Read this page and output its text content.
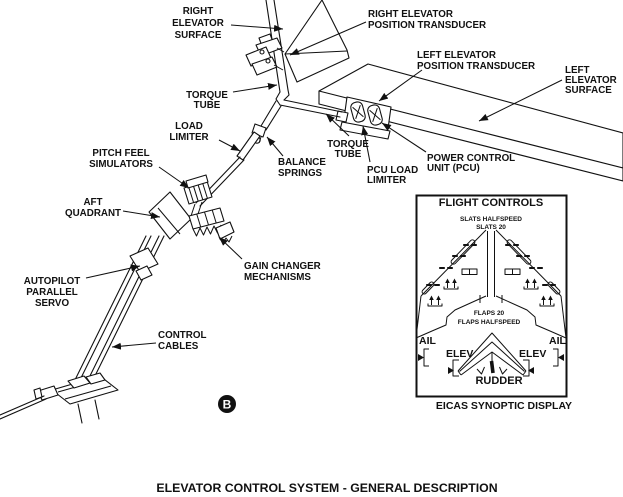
RIGHT
ELEVATOR
SURFACE
RIGHT ELEVATOR
POSITION TRANSDUCER
LEFT ELEVATOR
POSITION TRANSDUCER	LEFT
ELEVATOR
SURFACE
TORQUE
TUBE
LOAD
LIMITER
PITCH FEEL
SIMULATORS
AFT
QUADRANT
BALANCE
SPRINGS
TORQUE
TUBE
PCU LOAD
LIMITER
POWER CONTROL
UNIT (PCU)
GAIN CHANGER
MECHANISMS
AUTOPILOT
PARALLEL
SERVO
CONTROL
CABLES
FLIGHT CONTROLS
SLATS HALFSPEED
SLATS 20
FLAPS 20
FLAPS HALFSPEED
AIL	AIL
ELEV	ELEV
RUDDER
EICAS SYNOPTIC DISPLAY
B
ELEVATOR CONTROL SYSTEM - GENERAL DESCRIPTION
